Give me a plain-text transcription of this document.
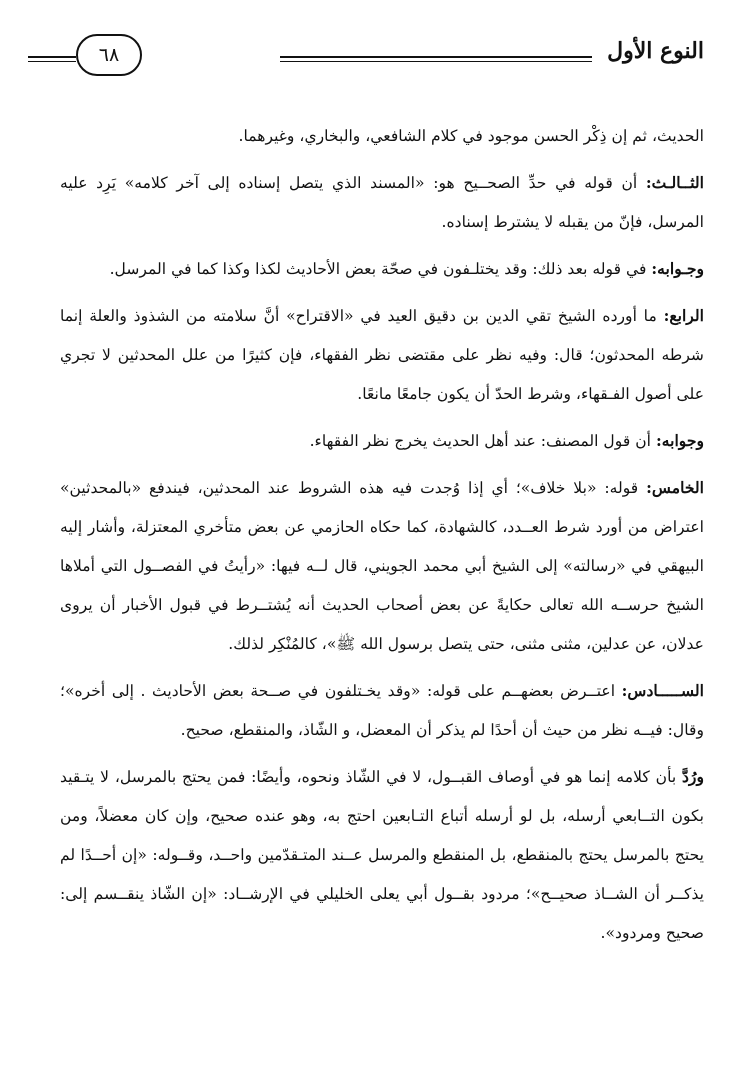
النوع الأول
٦٨

الحديث، ثم إن ذِكْر الحسن موجود في كلام الشافعي، والبخاري، وغيرهما.

الثــالـث: أن قوله في حدِّ الصحــيح هو: «المسند الذي يتصل إسناده إلى آخر كلامه» يَرِد عليه المرسل، فإنّ من يقبله لا يشترط إسناده.

وجـوابه: في قوله بعد ذلك: وقد يختلـفون في صحّة بعض الأحاديث لكذا وكذا كما في المرسل.

الرابع: ما أورده الشيخ تقي الدين بن دقيق العيد في «الاقتراح» أنَّ سلامته من الشذوذ والعلة إنما شرطه المحدثون؛ قال: وفيه نظر على مقتضى نظر الفقهاء، فإن كثيرًا من علل المحدثين لا تجري على أصول الفـقهاء، وشرط الحدّ أن يكون جامعًا مانعًا.

وجوابه: أن قول المصنف: عند أهل الحديث يخرج نظر الفقهاء.

الخامس: قوله: «بلا خلاف»؛ أي إذا وُجدت فيه هذه الشروط عند المحدثين، فيندفع «بالمحدثين» اعتراض من أورد شرط العــدد، كالشهادة، كما حكاه الحازمي عن بعض متأخري المعتزلة، وأشار إليه البيهقي في «رسالته» إلى الشيخ أبي محمد الجويني، قال لــه فيها: «رأيتُ في الفصــول التي أملاها الشيخ حرســه الله تعالى حكايةً عن بعض أصحاب الحديث أنه يُشتــرط في قبول الأخبار أن يروى عدلان، عن عدلين، مثنى مثنى، حتى يتصل برسول الله ﷺ»، كالمُنْكِر لذلك.

الســـــادس: اعتــرض بعضهــم على قوله: «وقد يخـتلفون في صــحة بعض الأحاديث . إلى أخره»؛ وقال: فيــه نظر من حيث أن أحدًا لم يذكر أن المعضل، و الشّاذ، والمنقطع، صحيح.

ورُدَّ بأن كلامه إنما هو في أوصاف القبــول، لا في الشّاذ ونحوه، وأيضًا: فمن يحتج بالمرسل، لا يتـقيد بكون التــابعي أرسله، بل لو أرسله أتباع التـابعين احتج به، وهو عنده صحيح، وإن كان معضلاً، ومن يحتج بالمرسل يحتج بالمنقطع، بل المنقطع والمرسل عــند المتـقدّمين واحــد، وقــوله: «إن أحــدًا لم يذكــر أن الشــاذ صحيــح»؛ مردود بقــول أبي يعلى الخليلي في الإرشــاد: «إن الشّاذ ينقــسم إلى: صحيح ومردود».
